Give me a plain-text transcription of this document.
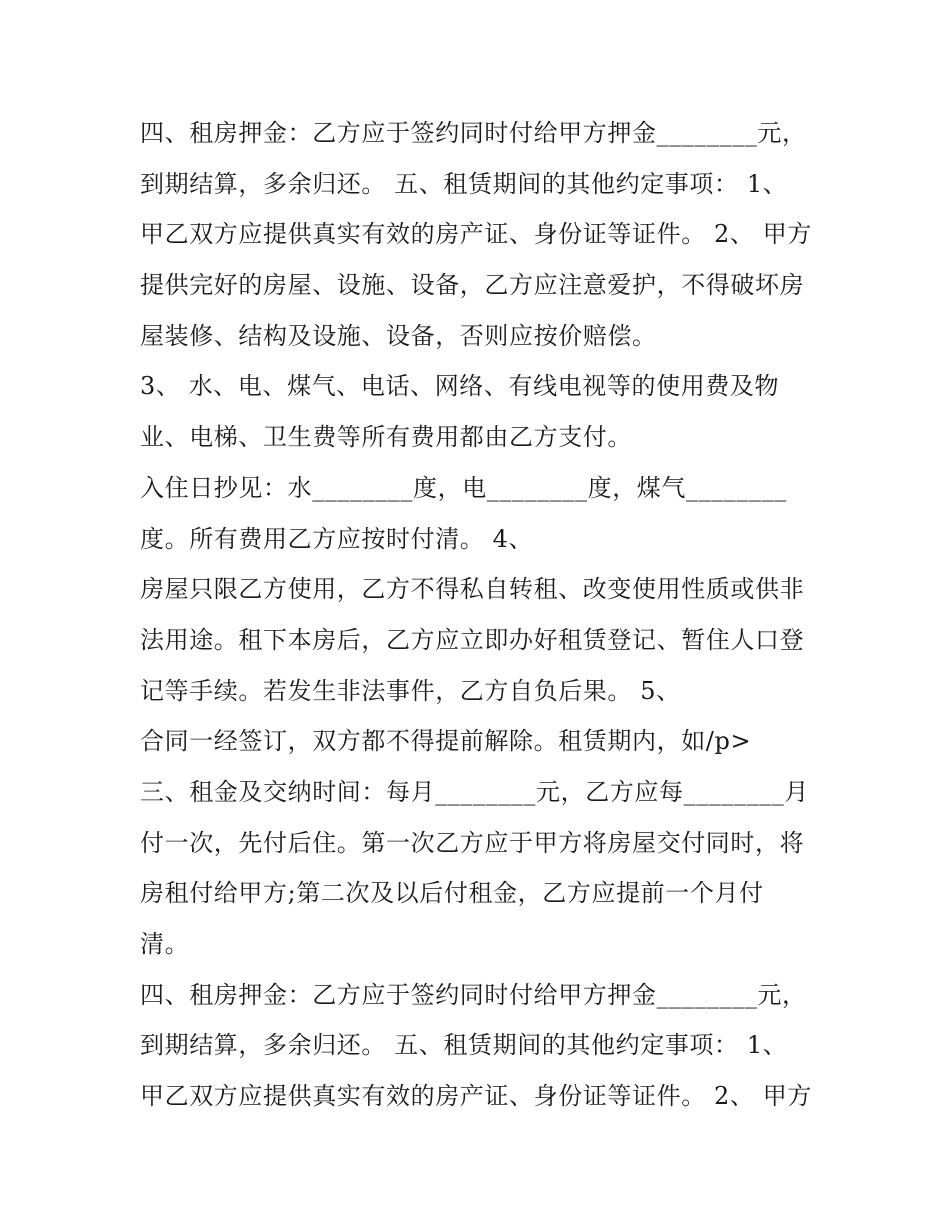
四、租房押金：乙方应于签约同时付给甲方押金________元，
到期结算，多余归还。 五、租赁期间的其他约定事项： 1、
甲乙双方应提供真实有效的房产证、身份证等证件。 2、 甲方
提供完好的房屋、设施、设备，乙方应注意爱护，不得破坏房
屋装修、结构及设施、设备，否则应按价赔偿。
3、 水、电、煤气、电话、网络、有线电视等的使用费及物
业、电梯、卫生费等所有费用都由乙方支付。
入住日抄见：水________度，电________度，煤气________
度。所有费用乙方应按时付清。 4、
房屋只限乙方使用，乙方不得私自转租、改变使用性质或供非
法用途。租下本房后，乙方应立即办好租赁登记、暂住人口登
记等手续。若发生非法事件，乙方自负后果。 5、
合同一经签订，双方都不得提前解除。租赁期内，如/p>
三、租金及交纳时间：每月________元，乙方应每________月
付一次，先付后住。第一次乙方应于甲方将房屋交付同时，将
房租付给甲方;第二次及以后付租金，乙方应提前一个月付
清。
四、租房押金：乙方应于签约同时付给甲方押金________元，
到期结算，多余归还。 五、租赁期间的其他约定事项： 1、
甲乙双方应提供真实有效的房产证、身份证等证件。 2、 甲方
